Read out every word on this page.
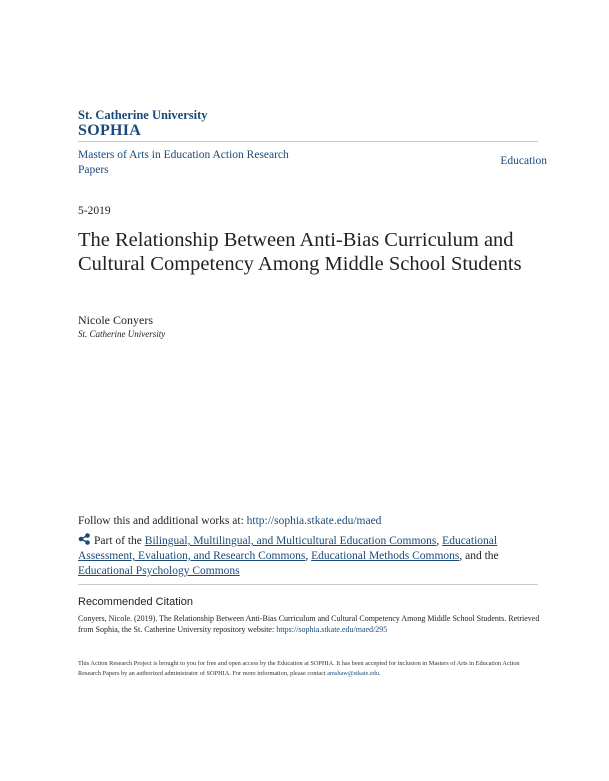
St. Catherine University
SOPHIA
Masters of Arts in Education Action Research Papers
Education
5-2019
The Relationship Between Anti-Bias Curriculum and Cultural Competency Among Middle School Students
Nicole Conyers
St. Catherine University
Follow this and additional works at: http://sophia.stkate.edu/maed
Part of the Bilingual, Multilingual, and Multicultural Education Commons, Educational Assessment, Evaluation, and Research Commons, Educational Methods Commons, and the Educational Psychology Commons
Recommended Citation
Conyers, Nicole. (2019). The Relationship Between Anti-Bias Curriculum and Cultural Competency Among Middle School Students. Retrieved from Sophia, the St. Catherine University repository website: https://sophia.stkate.edu/maed/295
This Action Research Project is brought to you for free and open access by the Education at SOPHIA. It has been accepted for inclusion in Masters of Arts in Education Action Research Papers by an authorized administrator of SOPHIA. For more information, please contact amshaw@stkate.edu.
